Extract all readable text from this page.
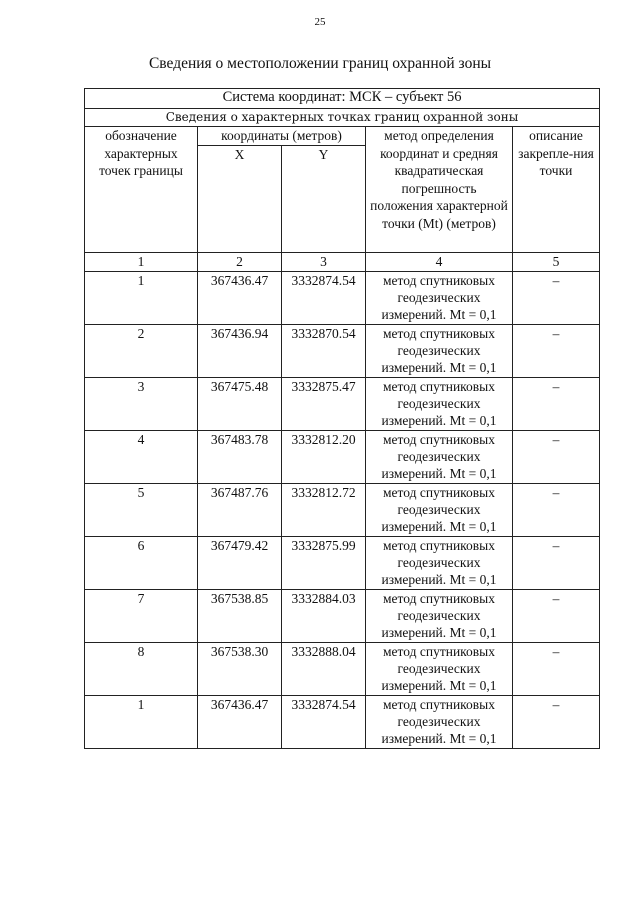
25
Сведения о местоположении границ охранной зоны
Система координат: МСК – субъект 56				
Сведения о характерных точках границ охранной зоны				
обозначение характерных точек границы	координаты (метров)		метод определения координат и средняя квадратическая погрешность положения характерной точки (Mt) (метров)	описание закрепле-ния точки
	X	Y		
1	2	3	4	5
1	367436.47	3332874.54	метод спутниковых геодезических измерений. Mt = 0,1	–
2	367436.94	3332870.54	метод спутниковых геодезических измерений. Mt = 0,1	–
3	367475.48	3332875.47	метод спутниковых геодезических измерений. Mt = 0,1	–
4	367483.78	3332812.20	метод спутниковых геодезических измерений. Mt = 0,1	–
5	367487.76	3332812.72	метод спутниковых геодезических измерений. Mt = 0,1	–
6	367479.42	3332875.99	метод спутниковых геодезических измерений. Mt = 0,1	–
7	367538.85	3332884.03	метод спутниковых геодезических измерений. Mt = 0,1	–
8	367538.30	3332888.04	метод спутниковых геодезических измерений. Mt = 0,1	–
1	367436.47	3332874.54	метод спутниковых геодезических измерений. Mt = 0,1	–
